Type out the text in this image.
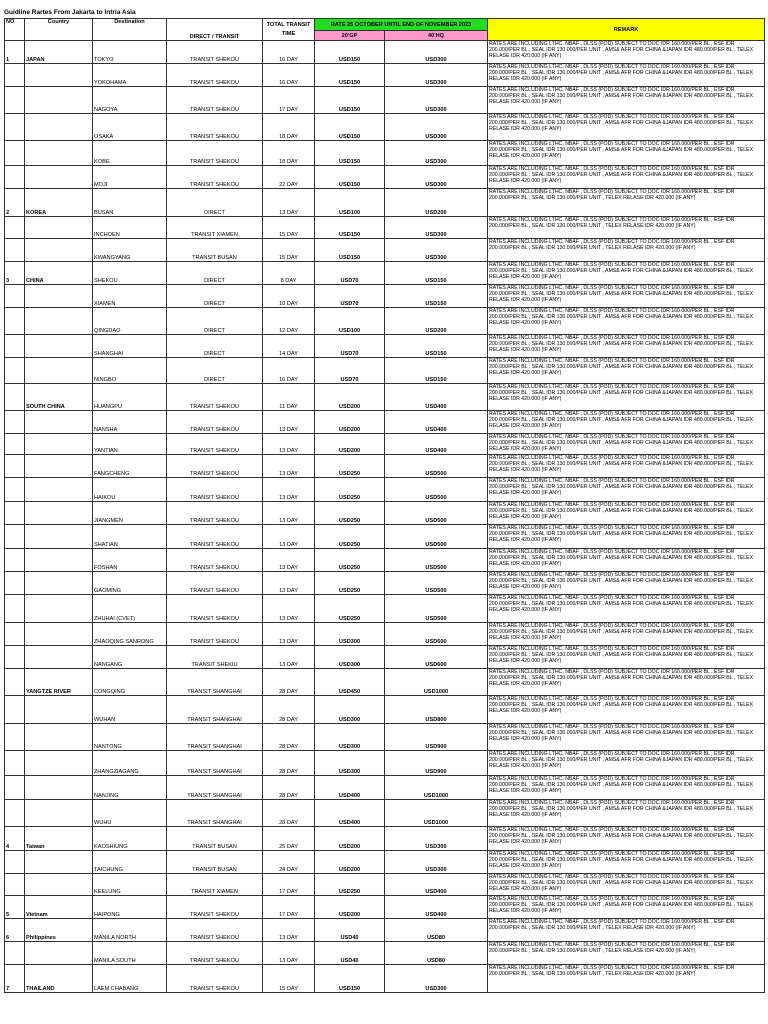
Guidline Rartes From Jakarta to Intria Asia
NO	Country	Destination	DIRECT / TRANSIT	TOTAL TRANSIT TIME	RATE 25 OCTOBER UNTIL END OF NOVEMBER 2023		REMARK
					20'GP	40'HQ	
1	JAPAN	TOKYO	TRANSIT SHEKOU	16 DAY	USD150	USD300	RATES ARE INCLUDING LTHC, NBAF , DLSS (POD) SUBJECT TO DOC IDR 160.000/PER BL , ESF IDR 200.000/PER BL , SEAL IDR 130.000/PER UNIT , AMS& AFR FOR CHINA &JAPAN IDR 480.000/PER BL , TELEX RELASE IDR 420.000 (IF ANY)
		YOKOHAMA	TRANSIT SHEKOU	16 DAY	USD150	USD300	RATES ARE INCLUDING LTHC, NBAF , DLSS (POD) SUBJECT TO DOC IDR 160.000/PER BL , ESF IDR 200.000/PER BL , SEAL IDR 130.000/PER UNIT , AMS& AFR FOR CHINA &JAPAN IDR 480.000/PER BL , TELEX RELASE IDR 420.000 (IF ANY)
		NAGOYA	TRANSIT SHEKOU	17 DAY	USD150	USD300	RATES ARE INCLUDING LTHC, NBAF , DLSS (POD) SUBJECT TO DOC IDR 160.000/PER BL , ESF IDR 200.000/PER BL , SEAL IDR 130.000/PER UNIT , AMS& AFR FOR CHINA &JAPAN IDR 480.000/PER BL , TELEX RELASE IDR 420.000 (IF ANY)
		OSAKA	TRANSIT SHEKOU	18 DAY	USD150	USD300	RATES ARE INCLUDING LTHC, NBAF , DLSS (POD) SUBJECT TO DOC IDR 160.000/PER BL , ESF IDR 200.000/PER BL , SEAL IDR 130.000/PER UNIT , AMS& AFR FOR CHINA &JAPAN IDR 480.000/PER BL , TELEX RELASE IDR 420.000 (IF ANY)
		KOBE	TRANSIT SHEKOU	18 DAY	USD150	USD300	RATES ARE INCLUDING LTHC, NBAF , DLSS (POD) SUBJECT TO DOC IDR 160.000/PER BL , ESF IDR 200.000/PER BL , SEAL IDR 130.000/PER UNIT , AMS& AFR FOR CHINA &JAPAN IDR 480.000/PER BL , TELEX RELASE IDR 420.000 (IF ANY)
		MOJI	TRANSIT SHEKOU	22 DAY	USD150	USD300	RATES ARE INCLUDING LTHC, NBAF , DLSS (POD) SUBJECT TO DOC IDR 160.000/PER BL , ESF IDR 200.000/PER BL , SEAL IDR 130.000/PER UNIT , AMS& AFR FOR CHINA &JAPAN IDR 480.000/PER BL , TELEX RELASE IDR 420.000 (IF ANY)
2	KOREA	BUSAN	DIRECT	13 DAY	USD100	USD200	RATES ARE INCLUDING LTHC, NBAF , DLSS (POD) SUBJECT TO DOC IDR 160.000/PER BL , ESF IDR 200.000/PER BL , SEAL IDR 130.000/PER UNIT , TELEX RELASE IDR 420.000 (IF ANY)
		INCHOEN	TRANSIT XIAMEN	15 DAY	USD150	USD300	RATES ARE INCLUDING LTHC, NBAF , DLSS (POD) SUBJECT TO DOC IDR 160.000/PER BL , ESF IDR 200.000/PER BL , SEAL IDR 130.000/PER UNIT , TELEX RELASE IDR 420.000 (IF ANY)
		KWANGYANG	TRANSIT BUSAN	15 DAY	USD150	USD300	RATES ARE INCLUDING LTHC, NBAF , DLSS (POD) SUBJECT TO DOC IDR 160.000/PER BL , ESF IDR 200.000/PER BL , SEAL IDR 130.000/PER UNIT , TELEX RELASE IDR 420.000 (IF ANY)
3	CHINA	SHEKOU	DIRECT	8 DAY	USD70	USD150	RATES ARE INCLUDING LTHC, NBAF , DLSS (POD) SUBJECT TO DOC IDR 160.000/PER BL , ESF IDR 200.000/PER BL , SEAL IDR 130.000/PER UNIT , AMS& AFR FOR CHINA &JAPAN IDR 480.000/PER BL , TELEX RELASE IDR 420.000 (IF ANY)
		XIAMEN	DIRECT	10 DAY	USD70	USD150	RATES ARE INCLUDING LTHC, NBAF , DLSS (POD) SUBJECT TO DOC IDR 160.000/PER BL , ESF IDR 200.000/PER BL , SEAL IDR 130.000/PER UNIT , AMS& AFR FOR CHINA &JAPAN IDR 480.000/PER BL , TELEX RELASE IDR 420.000 (IF ANY)
		QINGDAO	DIRECT	12 DAY	USD100	USD200	RATES ARE INCLUDING LTHC, NBAF , DLSS (POD) SUBJECT TO DOC IDR 160.000/PER BL , ESF IDR 200.000/PER BL , SEAL IDR 130.000/PER UNIT , AMS& AFR FOR CHINA &JAPAN IDR 480.000/PER BL , TELEX RELASE IDR 420.000 (IF ANY)
		SHANGHAI	DIRECT	14 DAY	USD70	USD150	RATES ARE INCLUDING LTHC, NBAF , DLSS (POD) SUBJECT TO DOC IDR 160.000/PER BL , ESF IDR 200.000/PER BL , SEAL IDR 130.000/PER UNIT , AMS& AFR FOR CHINA &JAPAN IDR 480.000/PER BL , TELEX RELASE IDR 420.000 (IF ANY)
		NINGBO	DIRECT	16 DAY	USD70	USD150	RATES ARE INCLUDING LTHC, NBAF , DLSS (POD) SUBJECT TO DOC IDR 160.000/PER BL , ESF IDR 200.000/PER BL , SEAL IDR 130.000/PER UNIT , AMS& AFR FOR CHINA &JAPAN IDR 480.000/PER BL , TELEX RELASE IDR 420.000 (IF ANY)
	SOUTH CHINA	HUANGPU	TRANSIT SHEKOU	11 DAY	USD200	USD400	RATES ARE INCLUDING LTHC, NBAF , DLSS (POD) SUBJECT TO DOC IDR 160.000/PER BL , ESF IDR 200.000/PER BL , SEAL IDR 130.000/PER UNIT , AMS& AFR FOR CHINA &JAPAN IDR 480.000/PER BL , TELEX RELASE IDR 420.000 (IF ANY)
		NANSHA	TRANSIT SHEKOU	13 DAY	USD200	USD400	RATES ARE INCLUDING LTHC, NBAF , DLSS (POD) SUBJECT TO DOC IDR 160.000/PER BL , ESF IDR 200.000/PER BL , SEAL IDR 130.000/PER UNIT , AMS& AFR FOR CHINA &JAPAN IDR 480.000/PER BL , TELEX RELASE IDR 420.000 (IF ANY)
		YANTIAN	TRANSIT SHEKOU	13 DAY	USD200	USD400	RATES ARE INCLUDING LTHC, NBAF , DLSS (POD) SUBJECT TO DOC IDR 160.000/PER BL , ESF IDR 200.000/PER BL , SEAL IDR 130.000/PER UNIT , AMS& AFR FOR CHINA &JAPAN IDR 480.000/PER BL , TELEX RELASE IDR 420.000 (IF ANY)
		FANGCHENG	TRANSIT SHEKOU	13 DAY	USD250	USD500	RATES ARE INCLUDING LTHC, NBAF , DLSS (POD) SUBJECT TO DOC IDR 160.000/PER BL , ESF IDR 200.000/PER BL , SEAL IDR 130.000/PER UNIT , AMS& AFR FOR CHINA &JAPAN IDR 480.000/PER BL , TELEX RELASE IDR 420.000 (IF ANY)
		HAIKOU	TRANSIT SHEKOU	13 DAY	USD250	USD500	RATES ARE INCLUDING LTHC, NBAF , DLSS (POD) SUBJECT TO DOC IDR 160.000/PER BL , ESF IDR 200.000/PER BL , SEAL IDR 130.000/PER UNIT , AMS& AFR FOR CHINA &JAPAN IDR 480.000/PER BL , TELEX RELASE IDR 420.000 (IF ANY)
		JIANGMEN	TRANSIT SHEKOU	13 DAY	USD250	USD500	RATES ARE INCLUDING LTHC, NBAF , DLSS (POD) SUBJECT TO DOC IDR 160.000/PER BL , ESF IDR 200.000/PER BL , SEAL IDR 130.000/PER UNIT , AMS& AFR FOR CHINA &JAPAN IDR 480.000/PER BL , TELEX RELASE IDR 420.000 (IF ANY)
		SHATIAN	TRANSIT SHEKOU	13 DAY	USD250	USD500	RATES ARE INCLUDING LTHC, NBAF , DLSS (POD) SUBJECT TO DOC IDR 160.000/PER BL , ESF IDR 200.000/PER BL , SEAL IDR 130.000/PER UNIT , AMS& AFR FOR CHINA &JAPAN IDR 480.000/PER BL , TELEX RELASE IDR 420.000 (IF ANY)
		FOSHAN	TRANSIT SHEKOU	13 DAY	USD250	USD500	RATES ARE INCLUDING LTHC, NBAF , DLSS (POD) SUBJECT TO DOC IDR 160.000/PER BL , ESF IDR 200.000/PER BL , SEAL IDR 130.000/PER UNIT , AMS& AFR FOR CHINA &JAPAN IDR 480.000/PER BL , TELEX RELASE IDR 420.000 (IF ANY)
		GAOMING	TRANSIT SHEKOU	13 DAY	USD250	USD500	RATES ARE INCLUDING LTHC, NBAF , DLSS (POD) SUBJECT TO DOC IDR 160.000/PER BL , ESF IDR 200.000/PER BL , SEAL IDR 130.000/PER UNIT , AMS& AFR FOR CHINA &JAPAN IDR 480.000/PER BL , TELEX RELASE IDR 420.000 (IF ANY)
		ZHUHAI (CVET)	TRANSIT SHEKOU	13 DAY	USD250	USD500	RATES ARE INCLUDING LTHC, NBAF , DLSS (POD) SUBJECT TO DOC IDR 160.000/PER BL , ESF IDR 200.000/PER BL , SEAL IDR 130.000/PER UNIT , AMS& AFR FOR CHINA &JAPAN IDR 480.000/PER BL , TELEX RELASE IDR 420.000 (IF ANY)
		ZHAOQING SANRONG	TRANSIT SHEKOU	13 DAY	USD300	USD600	RATES ARE INCLUDING LTHC, NBAF , DLSS (POD) SUBJECT TO DOC IDR 160.000/PER BL , ESF IDR 200.000/PER BL , SEAL IDR 130.000/PER UNIT , AMS& AFR FOR CHINA &JAPAN IDR 480.000/PER BL , TELEX RELASE IDR 420.000 (IF ANY)
		NANGANG	TRANSIT SHEKIU	13 DAY	USD300	USD600	RATES ARE INCLUDING LTHC, NBAF , DLSS (POD) SUBJECT TO DOC IDR 160.000/PER BL , ESF IDR 200.000/PER BL , SEAL IDR 130.000/PER UNIT , AMS& AFR FOR CHINA &JAPAN IDR 480.000/PER BL , TELEX RELASE IDR 420.000 (IF ANY)
	YANGTZE RIVER	CONGQING	TRANSIT SHANGHAI	28 DAY	USD450	USD1000	RATES ARE INCLUDING LTHC, NBAF , DLSS (POD) SUBJECT TO DOC IDR 160.000/PER BL , ESF IDR 200.000/PER BL , SEAL IDR 130.000/PER UNIT , AMS& AFR FOR CHINA &JAPAN IDR 480.000/PER BL , TELEX RELASE IDR 420.000 (IF ANY)
		WUHAN	TRANSIT SHANGHAI	28 DAY	USD300	USD800	RATES ARE INCLUDING LTHC, NBAF , DLSS (POD) SUBJECT TO DOC IDR 160.000/PER BL , ESF IDR 200.000/PER BL , SEAL IDR 130.000/PER UNIT , AMS& AFR FOR CHINA &JAPAN IDR 480.000/PER BL , TELEX RELASE IDR 420.000 (IF ANY)
		NANTONG	TRANSIT SHANGHAI	28 DAY	USD300	USD900	RATES ARE INCLUDING LTHC, NBAF , DLSS (POD) SUBJECT TO DOC IDR 160.000/PER BL , ESF IDR 200.000/PER BL , SEAL IDR 130.000/PER UNIT , AMS& AFR FOR CHINA &JAPAN IDR 480.000/PER BL , TELEX RELASE IDR 420.000 (IF ANY)
		ZHANGZIAGANG	TRANSIT SHANGHAI	28 DAY	USD300	USD900	RATES ARE INCLUDING LTHC, NBAF , DLSS (POD) SUBJECT TO DOC IDR 160.000/PER BL , ESF IDR 200.000/PER BL , SEAL IDR 130.000/PER UNIT , AMS& AFR FOR CHINA &JAPAN IDR 480.000/PER BL , TELEX RELASE IDR 420.000 (IF ANY)
		NANJING	TRANSIT SHANGHAI	28 DAY	USD400	USD1000	RATES ARE INCLUDING LTHC, NBAF , DLSS (POD) SUBJECT TO DOC IDR 160.000/PER BL , ESF IDR 200.000/PER BL , SEAL IDR 130.000/PER UNIT , AMS& AFR FOR CHINA &JAPAN IDR 480.000/PER BL , TELEX RELASE IDR 420.000 (IF ANY)
		WUHU	TRANSIT SHANGHAI	28 DAY	USD400	USD1000	RATES ARE INCLUDING LTHC, NBAF , DLSS (POD) SUBJECT TO DOC IDR 160.000/PER BL , ESF IDR 200.000/PER BL , SEAL IDR 130.000/PER UNIT , AMS& AFR FOR CHINA &JAPAN IDR 480.000/PER BL , TELEX RELASE IDR 420.000 (IF ANY)
4	Taiwan	KAOSHIUNG	TRANSIT BUSAN	25 DAY	USD200	USD300	RATES ARE INCLUDING LTHC, NBAF , DLSS (POD) SUBJECT TO DOC IDR 160.000/PER BL , ESF IDR 200.000/PER BL , SEAL IDR 130.000/PER UNIT , AMS& AFR FOR CHINA &JAPAN IDR 480.000/PER BL , TELEX RELASE IDR 420.000 (IF ANY)
		TAICHUNG	TRANSIT BUSAN	24 DAY	USD200	USD300	RATES ARE INCLUDING LTHC, NBAF , DLSS (POD) SUBJECT TO DOC IDR 160.000/PER BL , ESF IDR 200.000/PER BL , SEAL IDR 130.000/PER UNIT , AMS& AFR FOR CHINA &JAPAN IDR 480.000/PER BL , TELEX RELASE IDR 420.000 (IF ANY)
		KEELUNG	TRANSIT XIAMEN	17 DAY	USD250	USD400	RATES ARE INCLUDING LTHC, NBAF , DLSS (POD) SUBJECT TO DOC IDR 160.000/PER BL , ESF IDR 200.000/PER BL , SEAL IDR 130.000/PER UNIT , AMS& AFR FOR CHINA &JAPAN IDR 480.000/PER BL , TELEX RELASE IDR 420.000 (IF ANY)
5	Vietnam	HAIPONG	TRANSIT SHEKOU	17 DAY	USD200	USD400	RATES ARE INCLUDING LTHC, NBAF , DLSS (POD) SUBJECT TO DOC IDR 160.000/PER BL , ESF IDR 200.000/PER BL , SEAL IDR 130.000/PER UNIT , AMS& AFR FOR CHINA &JAPAN IDR 480.000/PER BL , TELEX RELASE IDR 420.000 (IF ANY)
6	Philippines	MANILA NORTH	TRANSIT SHEKOU	13 DAY	USD40	USD80	RATES ARE INCLUDING LTHC, NBAF , DLSS (POD) SUBJECT TO DOC IDR 160.000/PER BL , ESF IDR 200.000/PER BL , SEAL IDR 130.000/PER UNIT , TELEX RELASE IDR 420.000 (IF ANY)
		MANILA SOUTH	TRANSIT SHEKOU	13 DAY	USD40	USD80	RATES ARE INCLUDING LTHC, NBAF , DLSS (POD) SUBJECT TO DOC IDR 160.000/PER BL , ESF IDR 200.000/PER BL , SEAL IDR 130.000/PER UNIT , TELEX RELASE IDR 420.000 (IF ANY)
7	THAILAND	LAEM CHABANG	TRANSIT SHEKOU	15 DAY	USD150	USD300	RATES ARE INCLUDING LTHC, NBAF , DLSS (POD) SUBJECT TO DOC IDR 160.000/PER BL , ESF IDR 200.000/PER BL , SEAL IDR 130.000/PER UNIT , TELEX RELASE IDR 420.000 (IF ANY)
